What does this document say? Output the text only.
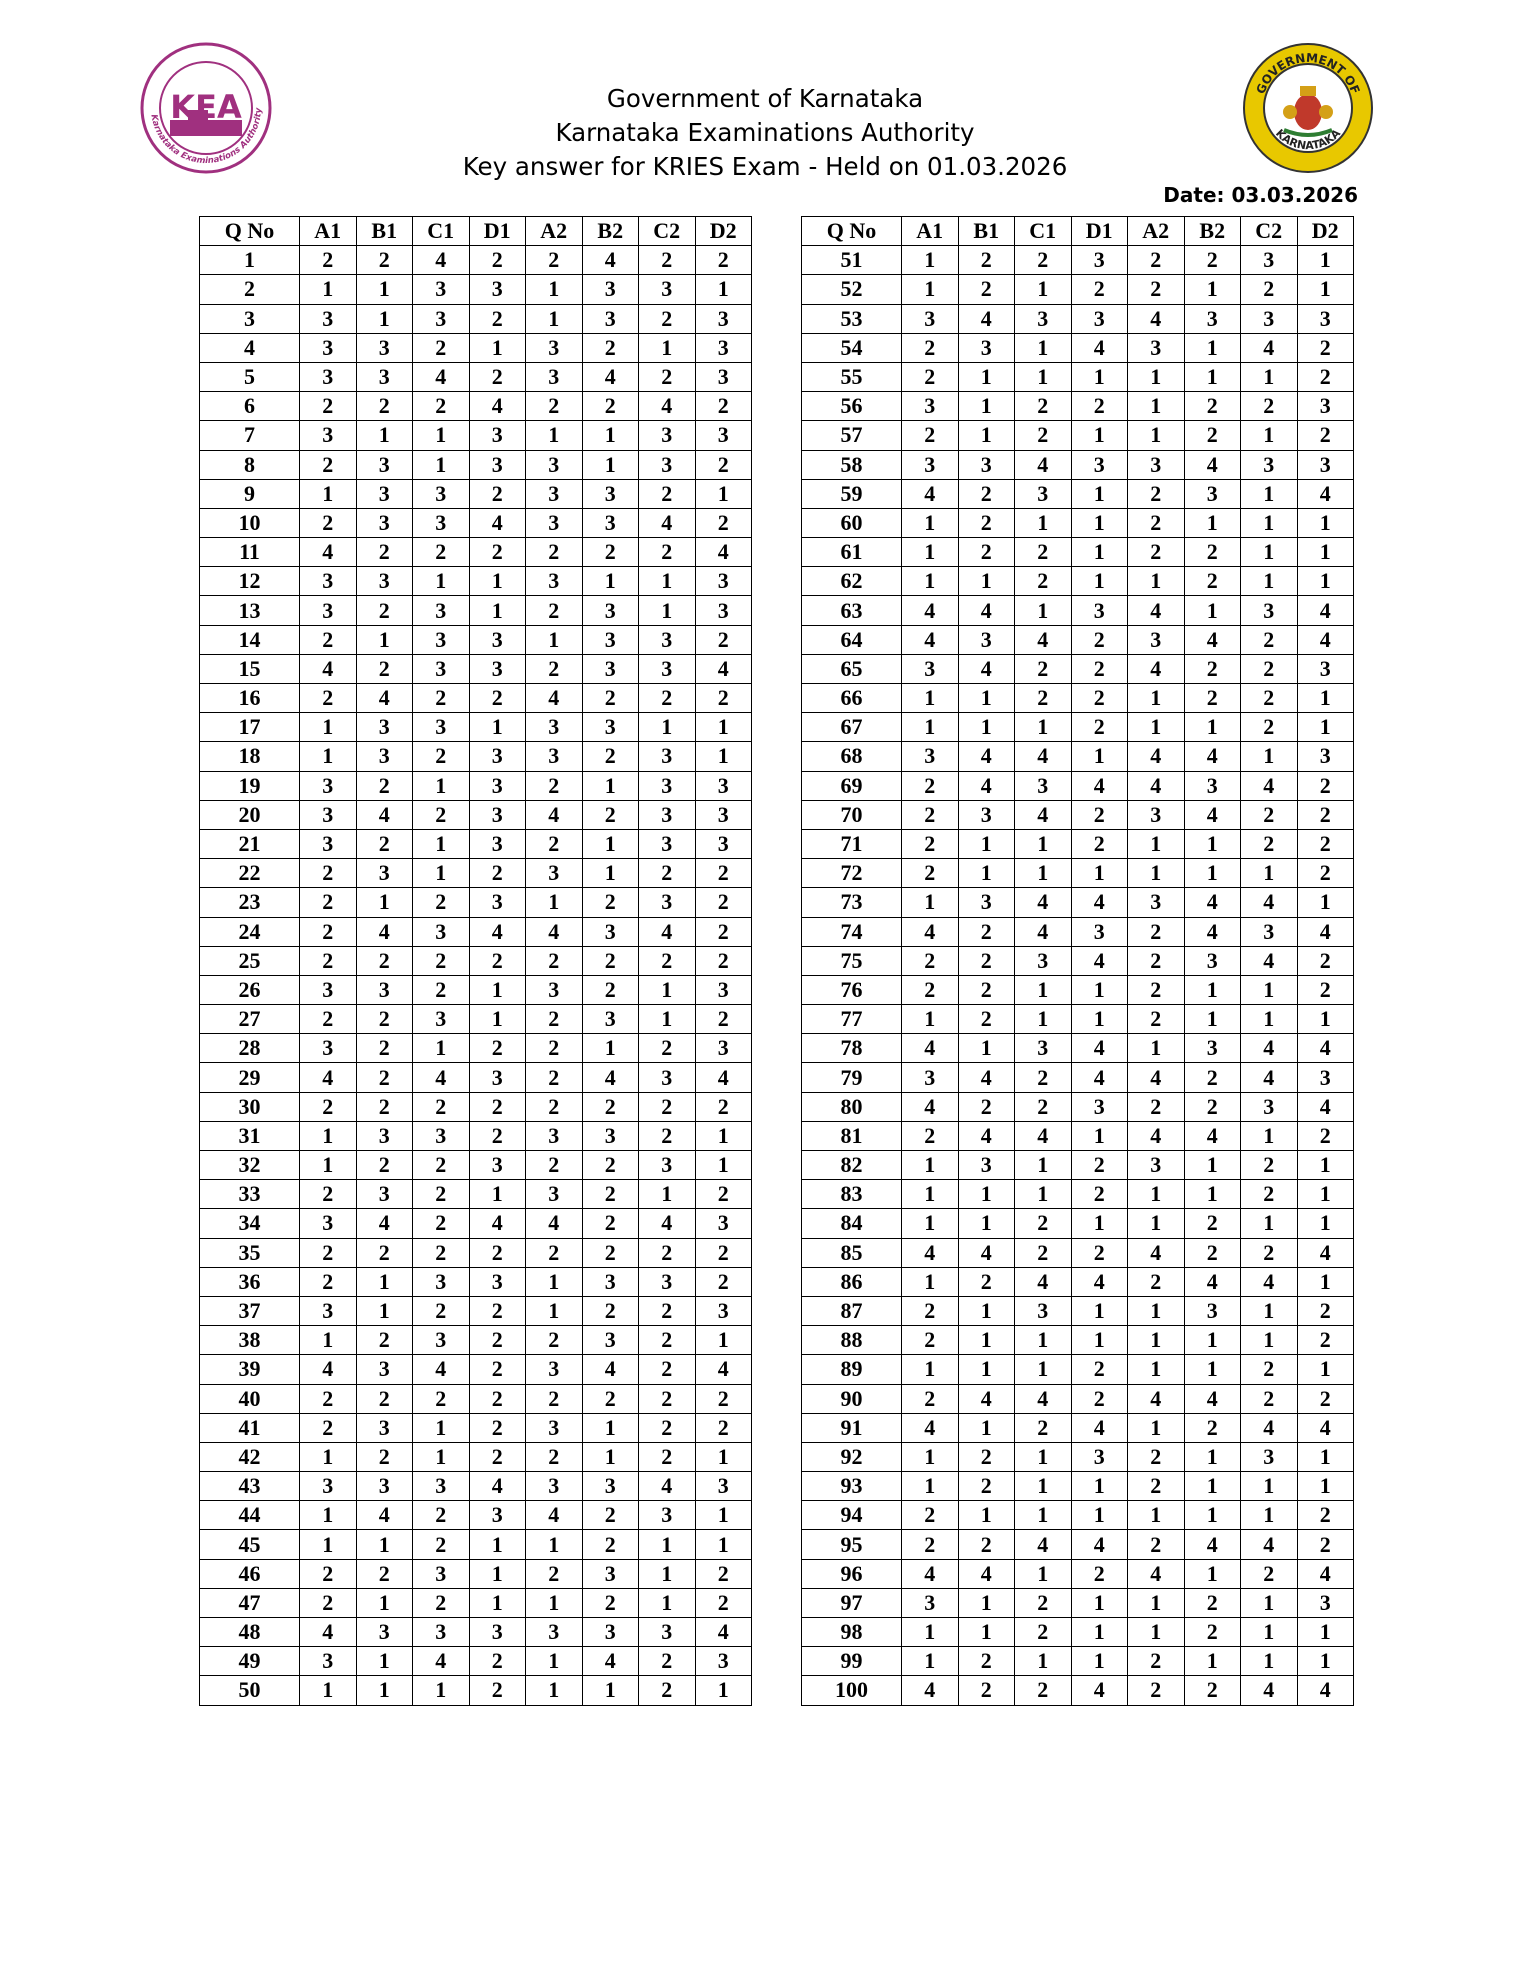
Karnataka Examinations Authority
KEA	GOVERNMENT OF
KARNATAKA
Government of Karnataka
Karnataka Examinations Authority
Key answer for KRIES Exam - Held on 01.03.2026
Date: 03.03.2026
Q No	A1	B1	C1	D1	A2	B2	C2	D2
1	2	2	4	2	2	4	2	2
2	1	1	3	3	1	3	3	1
3	3	1	3	2	1	3	2	3
4	3	3	2	1	3	2	1	3
5	3	3	4	2	3	4	2	3
6	2	2	2	4	2	2	4	2
7	3	1	1	3	1	1	3	3
8	2	3	1	3	3	1	3	2
9	1	3	3	2	3	3	2	1
10	2	3	3	4	3	3	4	2
11	4	2	2	2	2	2	2	4
12	3	3	1	1	3	1	1	3
13	3	2	3	1	2	3	1	3
14	2	1	3	3	1	3	3	2
15	4	2	3	3	2	3	3	4
16	2	4	2	2	4	2	2	2
17	1	3	3	1	3	3	1	1
18	1	3	2	3	3	2	3	1
19	3	2	1	3	2	1	3	3
20	3	4	2	3	4	2	3	3
21	3	2	1	3	2	1	3	3
22	2	3	1	2	3	1	2	2
23	2	1	2	3	1	2	3	2
24	2	4	3	4	4	3	4	2
25	2	2	2	2	2	2	2	2
26	3	3	2	1	3	2	1	3
27	2	2	3	1	2	3	1	2
28	3	2	1	2	2	1	2	3
29	4	2	4	3	2	4	3	4
30	2	2	2	2	2	2	2	2
31	1	3	3	2	3	3	2	1
32	1	2	2	3	2	2	3	1
33	2	3	2	1	3	2	1	2
34	3	4	2	4	4	2	4	3
35	2	2	2	2	2	2	2	2
36	2	1	3	3	1	3	3	2
37	3	1	2	2	1	2	2	3
38	1	2	3	2	2	3	2	1
39	4	3	4	2	3	4	2	4
40	2	2	2	2	2	2	2	2
41	2	3	1	2	3	1	2	2
42	1	2	1	2	2	1	2	1
43	3	3	3	4	3	3	4	3
44	1	4	2	3	4	2	3	1
45	1	1	2	1	1	2	1	1
46	2	2	3	1	2	3	1	2
47	2	1	2	1	1	2	1	2
48	4	3	3	3	3	3	3	4
49	3	1	4	2	1	4	2	3
50	1	1	1	2	1	1	2	1
Q No	A1	B1	C1	D1	A2	B2	C2	D2
51	1	2	2	3	2	2	3	1
52	1	2	1	2	2	1	2	1
53	3	4	3	3	4	3	3	3
54	2	3	1	4	3	1	4	2
55	2	1	1	1	1	1	1	2
56	3	1	2	2	1	2	2	3
57	2	1	2	1	1	2	1	2
58	3	3	4	3	3	4	3	3
59	4	2	3	1	2	3	1	4
60	1	2	1	1	2	1	1	1
61	1	2	2	1	2	2	1	1
62	1	1	2	1	1	2	1	1
63	4	4	1	3	4	1	3	4
64	4	3	4	2	3	4	2	4
65	3	4	2	2	4	2	2	3
66	1	1	2	2	1	2	2	1
67	1	1	1	2	1	1	2	1
68	3	4	4	1	4	4	1	3
69	2	4	3	4	4	3	4	2
70	2	3	4	2	3	4	2	2
71	2	1	1	2	1	1	2	2
72	2	1	1	1	1	1	1	2
73	1	3	4	4	3	4	4	1
74	4	2	4	3	2	4	3	4
75	2	2	3	4	2	3	4	2
76	2	2	1	1	2	1	1	2
77	1	2	1	1	2	1	1	1
78	4	1	3	4	1	3	4	4
79	3	4	2	4	4	2	4	3
80	4	2	2	3	2	2	3	4
81	2	4	4	1	4	4	1	2
82	1	3	1	2	3	1	2	1
83	1	1	1	2	1	1	2	1
84	1	1	2	1	1	2	1	1
85	4	4	2	2	4	2	2	4
86	1	2	4	4	2	4	4	1
87	2	1	3	1	1	3	1	2
88	2	1	1	1	1	1	1	2
89	1	1	1	2	1	1	2	1
90	2	4	4	2	4	4	2	2
91	4	1	2	4	1	2	4	4
92	1	2	1	3	2	1	3	1
93	1	2	1	1	2	1	1	1
94	2	1	1	1	1	1	1	2
95	2	2	4	4	2	4	4	2
96	4	4	1	2	4	1	2	4
97	3	1	2	1	1	2	1	3
98	1	1	2	1	1	2	1	1
99	1	2	1	1	2	1	1	1
100	4	2	2	4	2	2	4	4
